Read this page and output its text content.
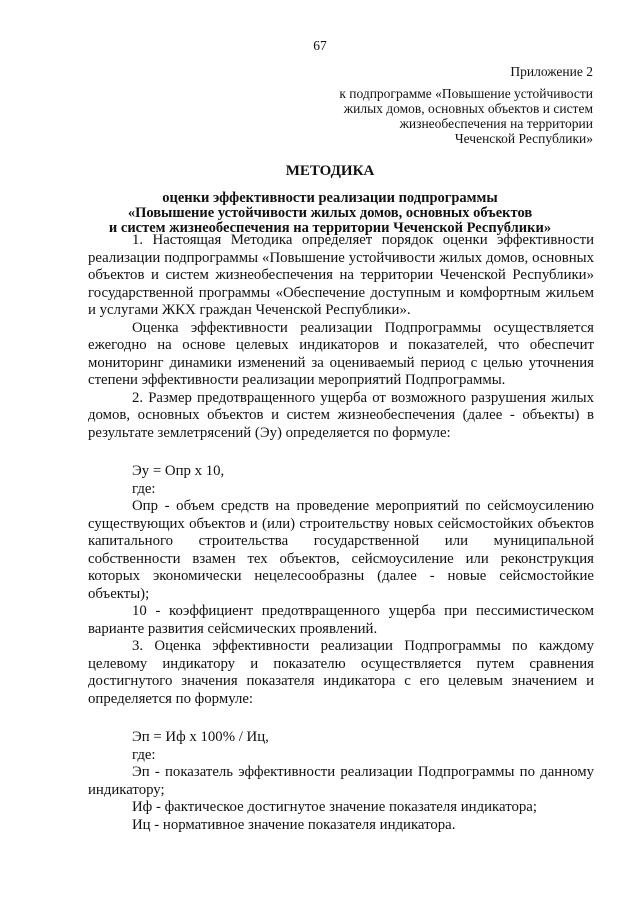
67
Приложение 2
к подпрограмме «Повышение устойчивости
жилых домов, основных объектов и систем
жизнеобеспечения на территории
Чеченской Республики»
МЕТОДИКА
оценки эффективности реализации подпрограммы
«Повышение устойчивости жилых домов, основных объектов
и систем жизнеобеспечения на территории Чеченской Республики»

1. Настоящая Методика определяет порядок оценки эффективности реализации подпрограммы «Повышение устойчивости жилых домов, основных объектов и систем жизнеобеспечения на территории Чеченской Республики» государственной программы «Обеспечение доступным и комфортным жильем и услугами ЖКХ граждан Чеченской Республики».

Оценка эффективности реализации Подпрограммы осуществляется ежегодно на основе целевых индикаторов и показателей, что обеспечит мониторинг динамики изменений за оцениваемый период с целью уточнения степени эффективности реализации мероприятий Подпрограммы.

2. Размер предотвращенного ущерба от возможного разрушения жилых домов, основных объектов и систем жизнеобеспечения (далее - объекты) в результате землетрясений (Эу) определяется по формуле:

Эу = Опр х 10,

где:

Опр - объем средств на проведение мероприятий по сейсмоусилению существующих объектов и (или) строительству новых сейсмостойких объектов капитального строительства государственной или муниципальной собственности взамен тех объектов, сейсмоусиление или реконструкция которых экономически нецелесообразны (далее - новые сейсмостойкие объекты);

10 - коэффициент предотвращенного ущерба при пессимистическом варианте развития сейсмических проявлений.

3. Оценка эффективности реализации Подпрограммы по каждому целевому индикатору и показателю осуществляется путем сравнения достигнутого значения показателя индикатора с его целевым значением и определяется по формуле:

Эп = Иф х 100% / Иц,

где:

Эп - показатель эффективности реализации Подпрограммы по данному индикатору;

Иф - фактическое достигнутое значение показателя индикатора;

Иц - нормативное значение показателя индикатора.
